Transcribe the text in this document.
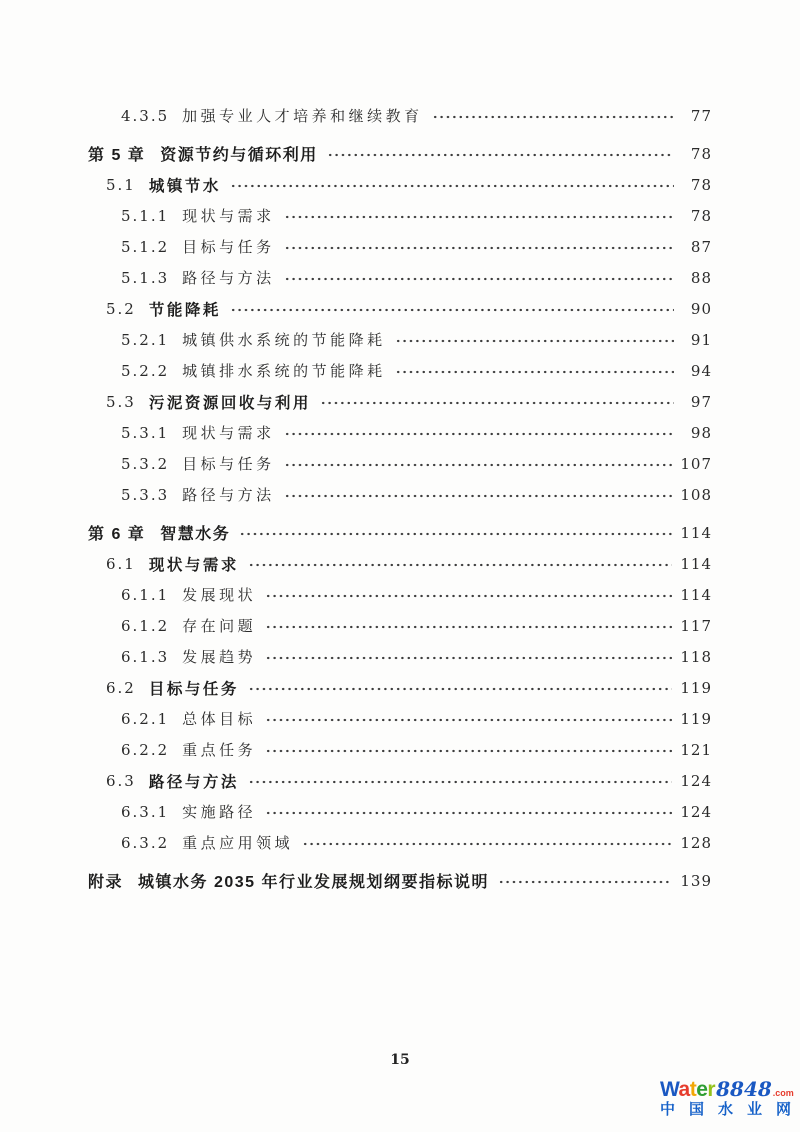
4.3.5 加强专业人才培养和继续教育	77
第 5 章 资源节约与循环利用	78
5.1 城镇节水	78
5.1.1 现状与需求	78
5.1.2 目标与任务	87
5.1.3 路径与方法	88
5.2 节能降耗	90
5.2.1 城镇供水系统的节能降耗	91
5.2.2 城镇排水系统的节能降耗	94
5.3 污泥资源回收与利用	97
5.3.1 现状与需求	98
5.3.2 目标与任务	107
5.3.3 路径与方法	108
第 6 章 智慧水务	114
6.1 现状与需求	114
6.1.1 发展现状	114
6.1.2 存在问题	117
6.1.3 发展趋势	118
6.2 目标与任务	119
6.2.1 总体目标	119
6.2.2 重点任务	121
6.3 路径与方法	124
6.3.1 实施路径	124
6.3.2 重点应用领域	128
附录 城镇水务 2035 年行业发展规划纲要指标说明	139
15
Water 8848 .com
中 国 水 业 网
